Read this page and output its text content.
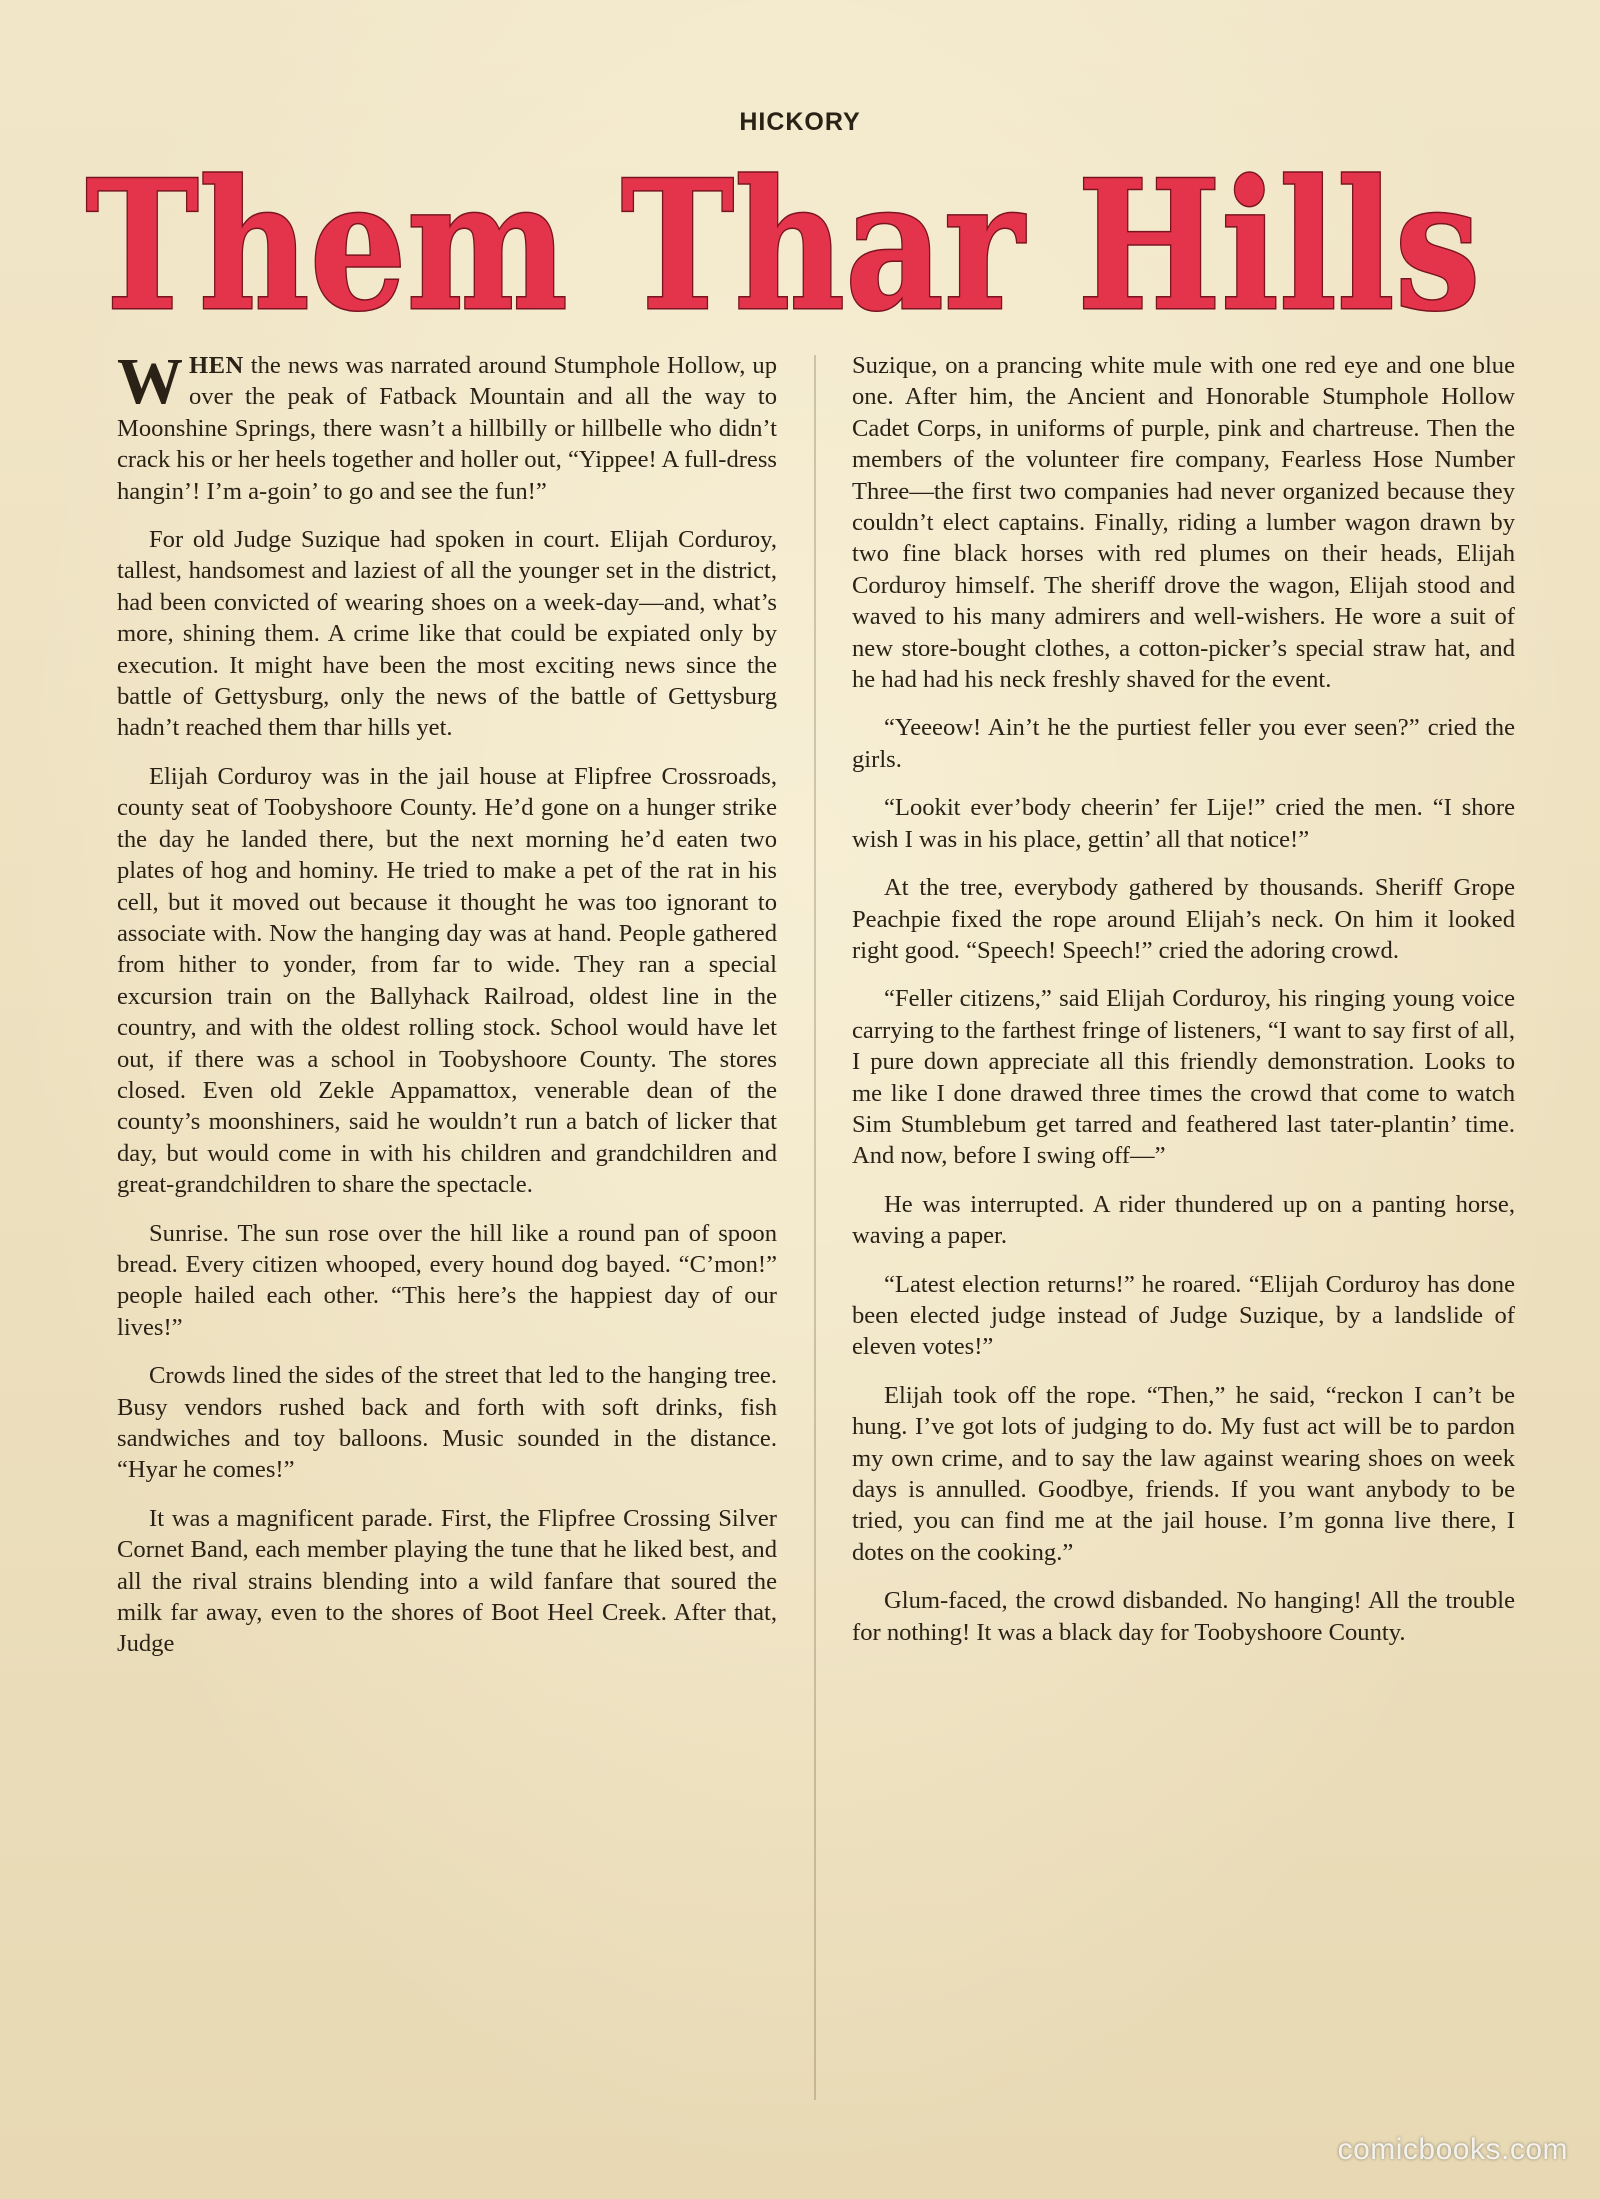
HICKORY
Them Thar Hills

WHEN the news was narrated around Stumphole Hollow, up over the peak of Fatback Mountain and all the way to Moonshine Springs, there wasn’t a hillbilly or hillbelle who didn’t crack his or her heels together and holler out, “Yippee! A full-dress hangin’! I’m a-goin’ to go and see the fun!”

For old Judge Suzique had spoken in court. Elijah Corduroy, tallest, handsomest and laziest of all the younger set in the district, had been convicted of wearing shoes on a week-day—and, what’s more, shining them. A crime like that could be expiated only by execution. It might have been the most exciting news since the battle of Gettysburg, only the news of the battle of Gettysburg hadn’t reached them thar hills yet.

Elijah Corduroy was in the jail house at Flipfree Crossroads, county seat of Toobyshoore County. He’d gone on a hunger strike the day he landed there, but the next morning he’d eaten two plates of hog and hominy. He tried to make a pet of the rat in his cell, but it moved out because it thought he was too ignorant to associate with. Now the hanging day was at hand. People gathered from hither to yonder, from far to wide. They ran a special excursion train on the Ballyhack Railroad, oldest line in the country, and with the oldest rolling stock. School would have let out, if there was a school in Toobyshoore County. The stores closed. Even old Zekle Appamattox, venerable dean of the county’s moonshiners, said he wouldn’t run a batch of licker that day, but would come in with his children and grandchildren and great-grandchildren to share the spectacle.

Sunrise. The sun rose over the hill like a round pan of spoon bread. Every citizen whooped, every hound dog bayed. “C’mon!” people hailed each other. “This here’s the happiest day of our lives!”

Crowds lined the sides of the street that led to the hanging tree. Busy vendors rushed back and forth with soft drinks, fish sandwiches and toy balloons. Music sounded in the distance. “Hyar he comes!”

It was a magnificent parade. First, the Flipfree Crossing Silver Cornet Band, each member playing the tune that he liked best, and all the rival strains blending into a wild fanfare that soured the milk far away, even to the shores of Boot Heel Creek. After that, Judge

Suzique, on a prancing white mule with one red eye and one blue one. After him, the Ancient and Honorable Stumphole Hollow Cadet Corps, in uniforms of purple, pink and chartreuse. Then the members of the volunteer fire company, Fearless Hose Number Three—the first two companies had never organized because they couldn’t elect captains. Finally, riding a lumber wagon drawn by two fine black horses with red plumes on their heads, Elijah Corduroy himself. The sheriff drove the wagon, Elijah stood and waved to his many admirers and well-wishers. He wore a suit of new store-bought clothes, a cotton-picker’s special straw hat, and he had had his neck freshly shaved for the event.

“Yeeeow! Ain’t he the purtiest feller you ever seen?” cried the girls.

“Lookit ever’body cheerin’ fer Lije!” cried the men. “I shore wish I was in his place, gettin’ all that notice!”

At the tree, everybody gathered by thousands. Sheriff Grope Peachpie fixed the rope around Elijah’s neck. On him it looked right good. “Speech! Speech!” cried the adoring crowd.

“Feller citizens,” said Elijah Corduroy, his ringing young voice carrying to the farthest fringe of listeners, “I want to say first of all, I pure down appreciate all this friendly demonstration. Looks to me like I done drawed three times the crowd that come to watch Sim Stumblebum get tarred and feathered last tater-plantin’ time. And now, before I swing off—”

He was interrupted. A rider thundered up on a panting horse, waving a paper.

“Latest election returns!” he roared. “Elijah Corduroy has done been elected judge instead of Judge Suzique, by a landslide of eleven votes!”

Elijah took off the rope. “Then,” he said, “reckon I can’t be hung. I’ve got lots of judging to do. My fust act will be to pardon my own crime, and to say the law against wearing shoes on week days is annulled. Goodbye, friends. If you want anybody to be tried, you can find me at the jail house. I’m gonna live there, I dotes on the cooking.”

Glum-faced, the crowd disbanded. No hanging! All the trouble for nothing! It was a black day for Toobyshoore County.

comicbooks.com
